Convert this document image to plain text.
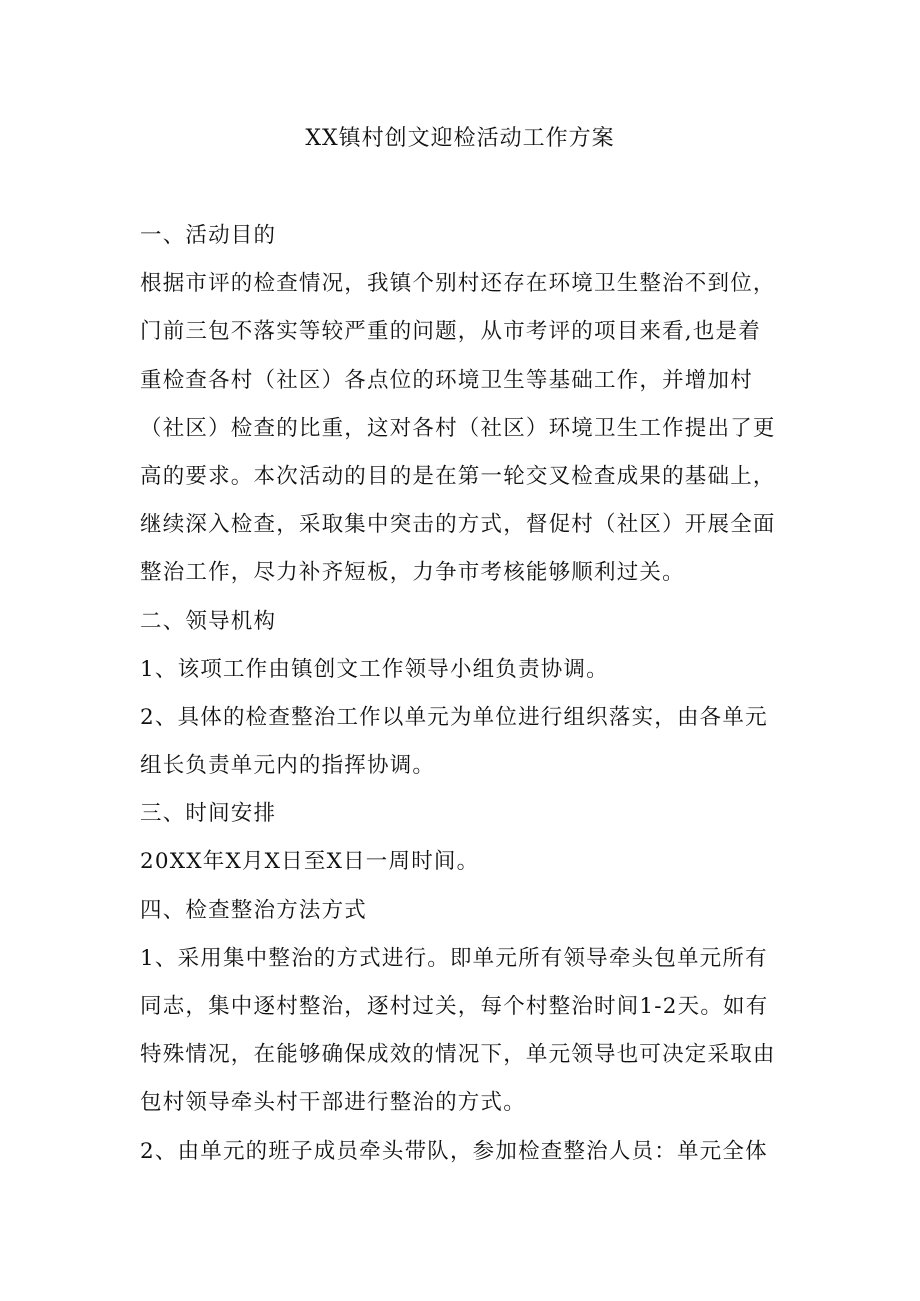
XX镇村创文迎检活动工作方案
一、活动目的
根据市评的检查情况，我镇个别村还存在环境卫生整治不到位，
门前三包不落实等较严重的问题，从市考评的项目来看,也是着
重检查各村（社区）各点位的环境卫生等基础工作，并增加村
（社区）检查的比重，这对各村（社区）环境卫生工作提出了更
高的要求。本次活动的目的是在第一轮交叉检查成果的基础上，
继续深入检查，采取集中突击的方式，督促村（社区）开展全面
整治工作，尽力补齐短板，力争市考核能够顺利过关。
二、领导机构
1、该项工作由镇创文工作领导小组负责协调。
2、具体的检查整治工作以单元为单位进行组织落实，由各单元
组长负责单元内的指挥协调。
三、时间安排
20XX年X月X日至X日一周时间。
四、检查整治方法方式
1、采用集中整治的方式进行。即单元所有领导牵头包单元所有
同志，集中逐村整治，逐村过关，每个村整治时间1-2天。如有
特殊情况，在能够确保成效的情况下，单元领导也可决定采取由
包村领导牵头村干部进行整治的方式。
2、由单元的班子成员牵头带队，参加检查整治人员：单元全体
